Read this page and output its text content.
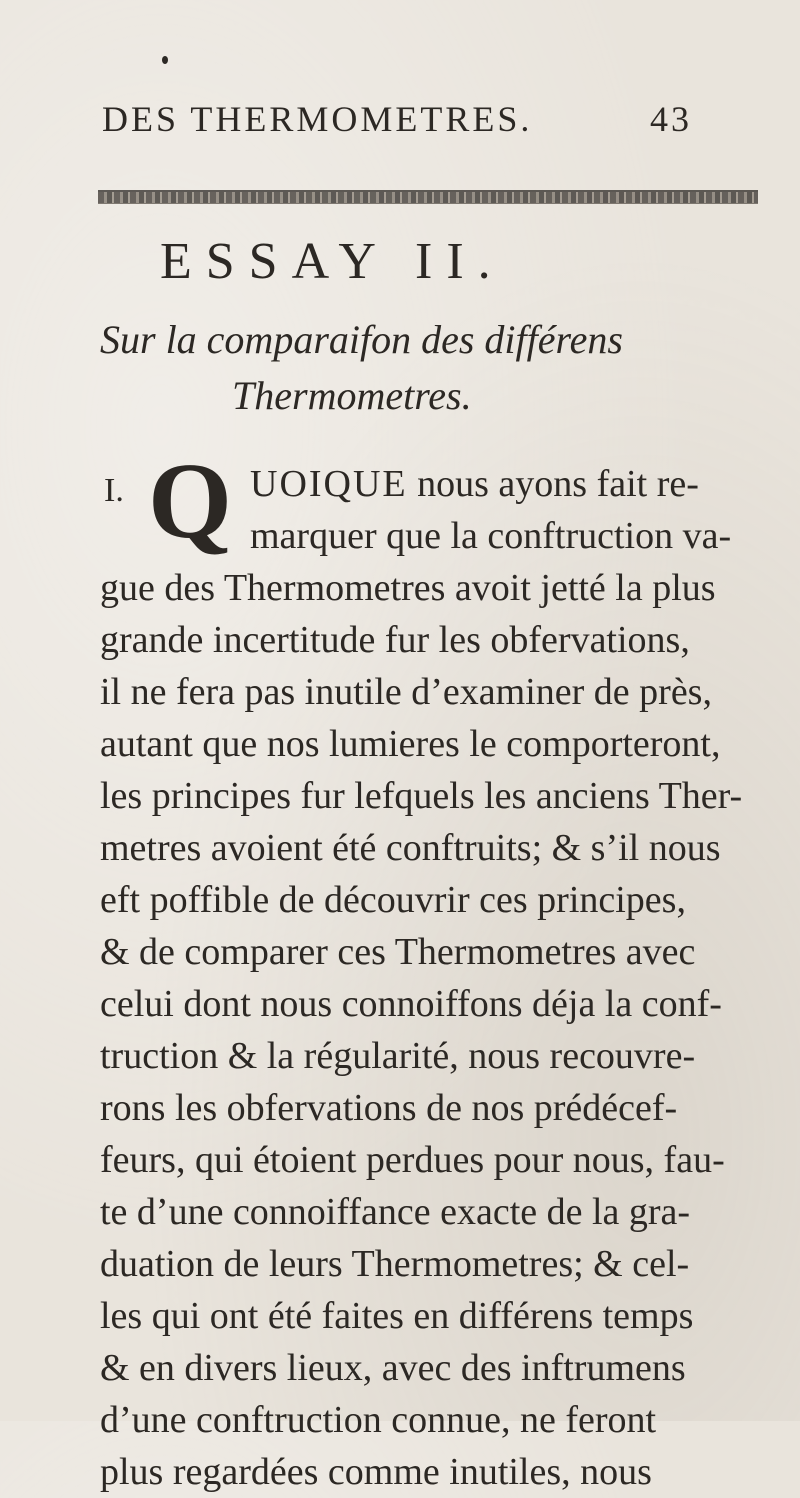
DES THERMOMETRES.	43
ESSAY II.
Sur la comparaifon des différens
Thermometres.
I. Q UOIQUE nous ayons fait re-
marquer que la conftruction va-
gue des Thermometres avoit jetté la plus
grande incertitude fur les obfervations,
il ne fera pas inutile d’examiner de près,
autant que nos lumieres le comporteront,
les principes fur lefquels les anciens Ther-
metres avoient été conftruits; & s’il nous
eft poffible de découvrir ces principes,
& de comparer ces Thermometres avec
celui dont nous connoiffons déja la conf-
truction & la régularité, nous recouvre-
rons les obfervations de nos prédécef-
feurs, qui étoient perdues pour nous, fau-
te d’une connoiffance exacte de la gra-
duation de leurs Thermometres; & cel-
les qui ont été faites en différens temps
& en divers lieux, avec des inftrumens
d’une conftruction connue, ne feront
plus regardées comme inutiles, nous
